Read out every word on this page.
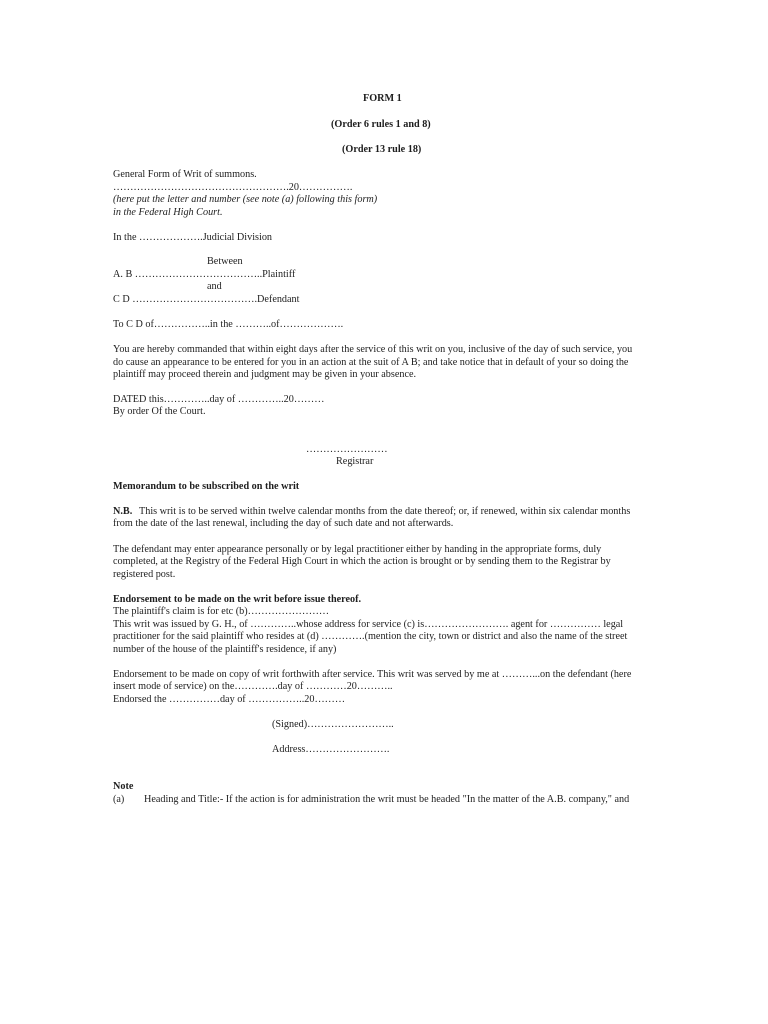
FORM 1
(Order 6 rules 1 and 8)
(Order 13 rule 18)
General Form of Writ of summons.
…………………………………………….20…………….
(here put the letter and number (see note (a) following this form)
in the Federal High Court.
In the ……………….Judicial Division
Between
A. B ………………………………..Plaintiff
and
C D ……………………………….Defendant
To C D of……………..in the ………..of……………….
You are hereby commanded that within eight days after the service of this writ on you, inclusive of the day of such service, you
do cause an appearance to be entered for you in an action at the suit of A B; and take notice that in default of your so doing the
plaintiff may proceed therein and judgment may be given in your absence.
DATED this…………..day of …………..20………
By order Of the Court.
……………………
Registrar
Memorandum to be subscribed on the writ
N.B. This writ is to be served within twelve calendar months from the date thereof; or, if renewed, within six calendar months
from the date of the last renewal, including the day of such date and not afterwards.
The defendant may enter appearance personally or by legal practitioner either by handing in the appropriate forms, duly
completed, at the Registry of the Federal High Court in which the action is brought or by sending them to the Registrar by
registered post.
Endorsement to be made on the writ before issue thereof.
The plaintiff's claim is for etc (b)……………………
This writ was issued by G. H., of …………..whose address for service (c) is……………………. agent for …………… legal
practitioner for the said plaintiff who resides at (d) ………….(mention the city, town or district and also the name of the street
number of the house of the plaintiff's residence, if any)
Endorsement to be made on copy of writ forthwith after service. This writ was served by me at ………...on the defendant (here
insert mode of service) on the………….day of …………20………..
Endorsed the ……………day of ……………..20………
(Signed)……………………..
Address…………………….
Note
(a) Heading and Title:- If the action is for administration the writ must be headed "In the matter of the A.B. company," and
